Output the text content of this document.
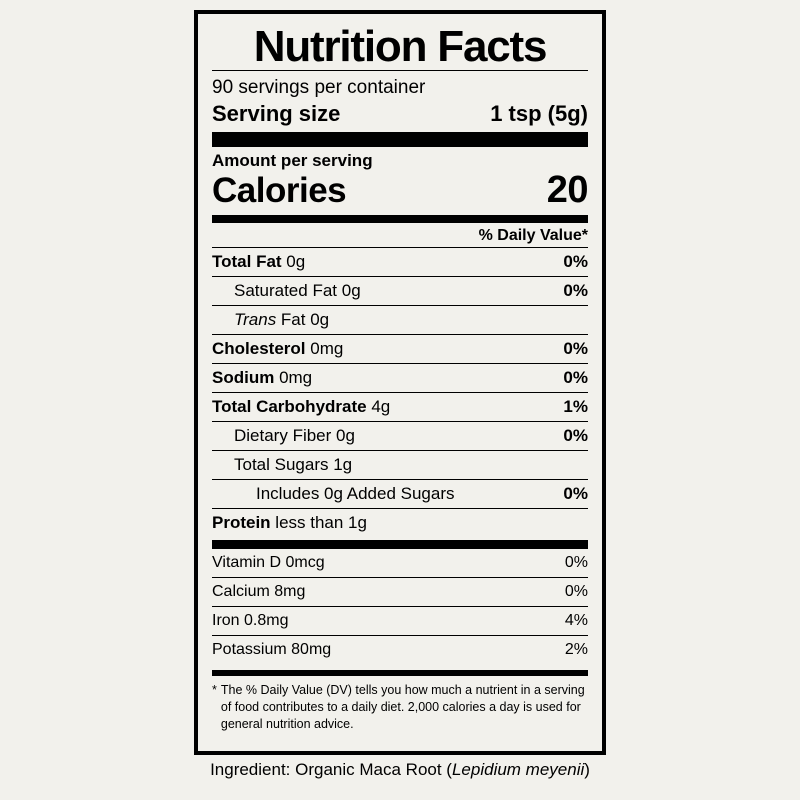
Nutrition Facts
90 servings per container
Serving size	1 tsp (5g)
Amount per serving
Calories	20
% Daily Value*
Total Fat 0g	0%
Saturated Fat 0g	0%
Trans Fat 0g
Cholesterol 0mg	0%
Sodium 0mg	0%
Total Carbohydrate 4g	1%
Dietary Fiber 0g	0%
Total Sugars 1g
Includes 0g Added Sugars	0%
Protein less than 1g
Vitamin D 0mcg	0%
Calcium 8mg	0%
Iron 0.8mg	4%
Potassium 80mg	2%
* The % Daily Value (DV) tells you how much a nutrient in a serving of food contributes to a daily diet. 2,000 calories a day is used for general nutrition advice.
Ingredient: Organic Maca Root (Lepidium meyenii)
